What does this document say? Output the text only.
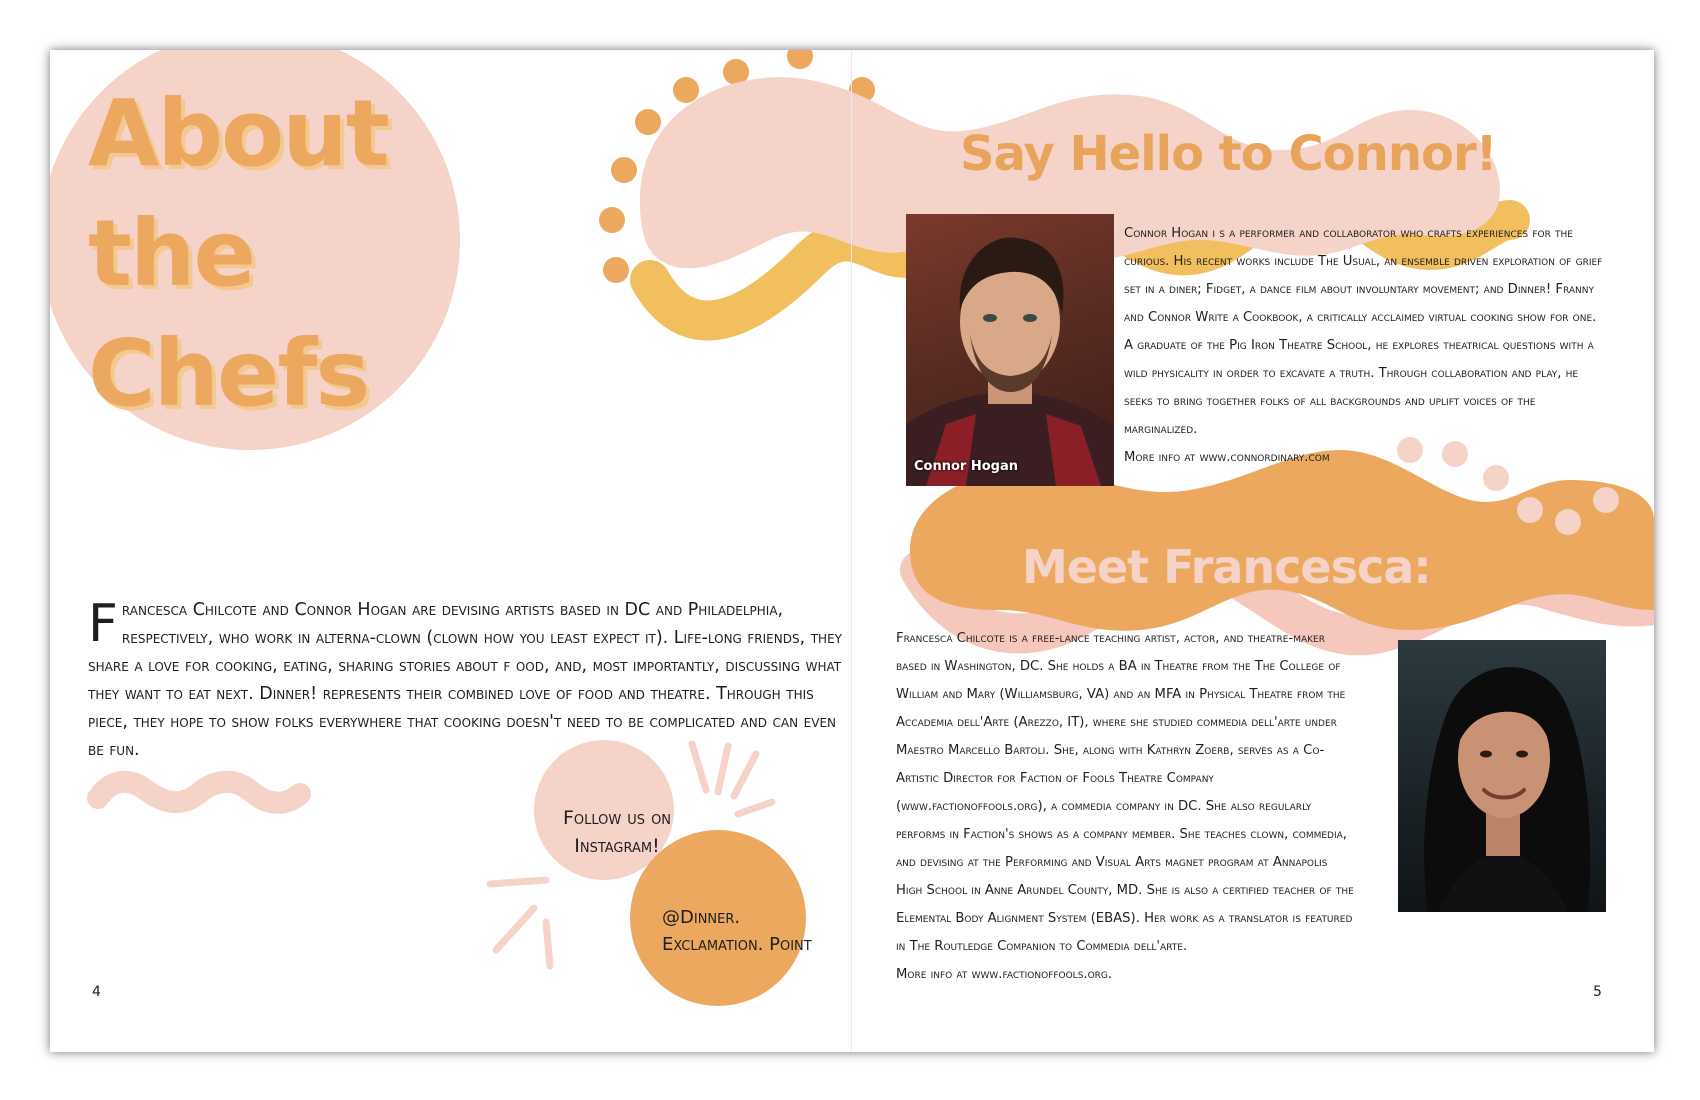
About
the
Chefs

Francesca Chilcote and Connor Hogan are devising artists based in DC and Philadelphia, respectively, who work in alterna-clown (clown how you least expect it). Life-long friends, they share a love for cooking, eating, sharing stories about f ood, and, most importantly, discussing what they want to eat next. Dinner! represents their combined love of food and theatre. Through this piece, they hope to show folks everywhere that cooking doesn't need to be complicated and can even be fun.

Follow us on Instagram!

@Dinner. Exclamation. Point

4
Say Hello to Connor!
Connor Hogan

Connor Hogan i s a performer and collaborator who crafts experiences for the curious. His recent works include The Usual, an ensemble driven exploration of grief set in a diner; Fidget, a dance film about involuntary movement; and Dinner! Franny and Connor Write a Cookbook, a critically acclaimed virtual cooking show for one. A graduate of the Pig Iron Theatre School, he explores theatrical questions with a wild physicality in order to excavate a truth. Through collaboration and play, he seeks to bring together folks of all backgrounds and uplift voices of the marginalized.
More info at www.connordinary.com

Meet Francesca:

Francesca Chilcote is a free-lance teaching artist, actor, and theatre-maker based in Washington, DC. She holds a BA in Theatre from the The College of William and Mary (Williamsburg, VA) and an MFA in Physical Theatre from the Accademia dell'Arte (Arezzo, IT), where she studied commedia dell'arte under Maestro Marcello Bartoli. She, along with Kathryn Zoerb, serves as a Co-Artistic Director for Faction of Fools Theatre Company (www.factionoffools.org), a commedia company in DC. She also regularly performs in Faction's shows as a company member. She teaches clown, commedia, and devising at the Performing and Visual Arts magnet program at Annapolis High School in Anne Arundel County, MD. She is also a certified teacher of the Elemental Body Alignment System (EBAS). Her work as a translator is featured in The Routledge Companion to Commedia dell'arte.
More info at www.factionoffools.org.

5
